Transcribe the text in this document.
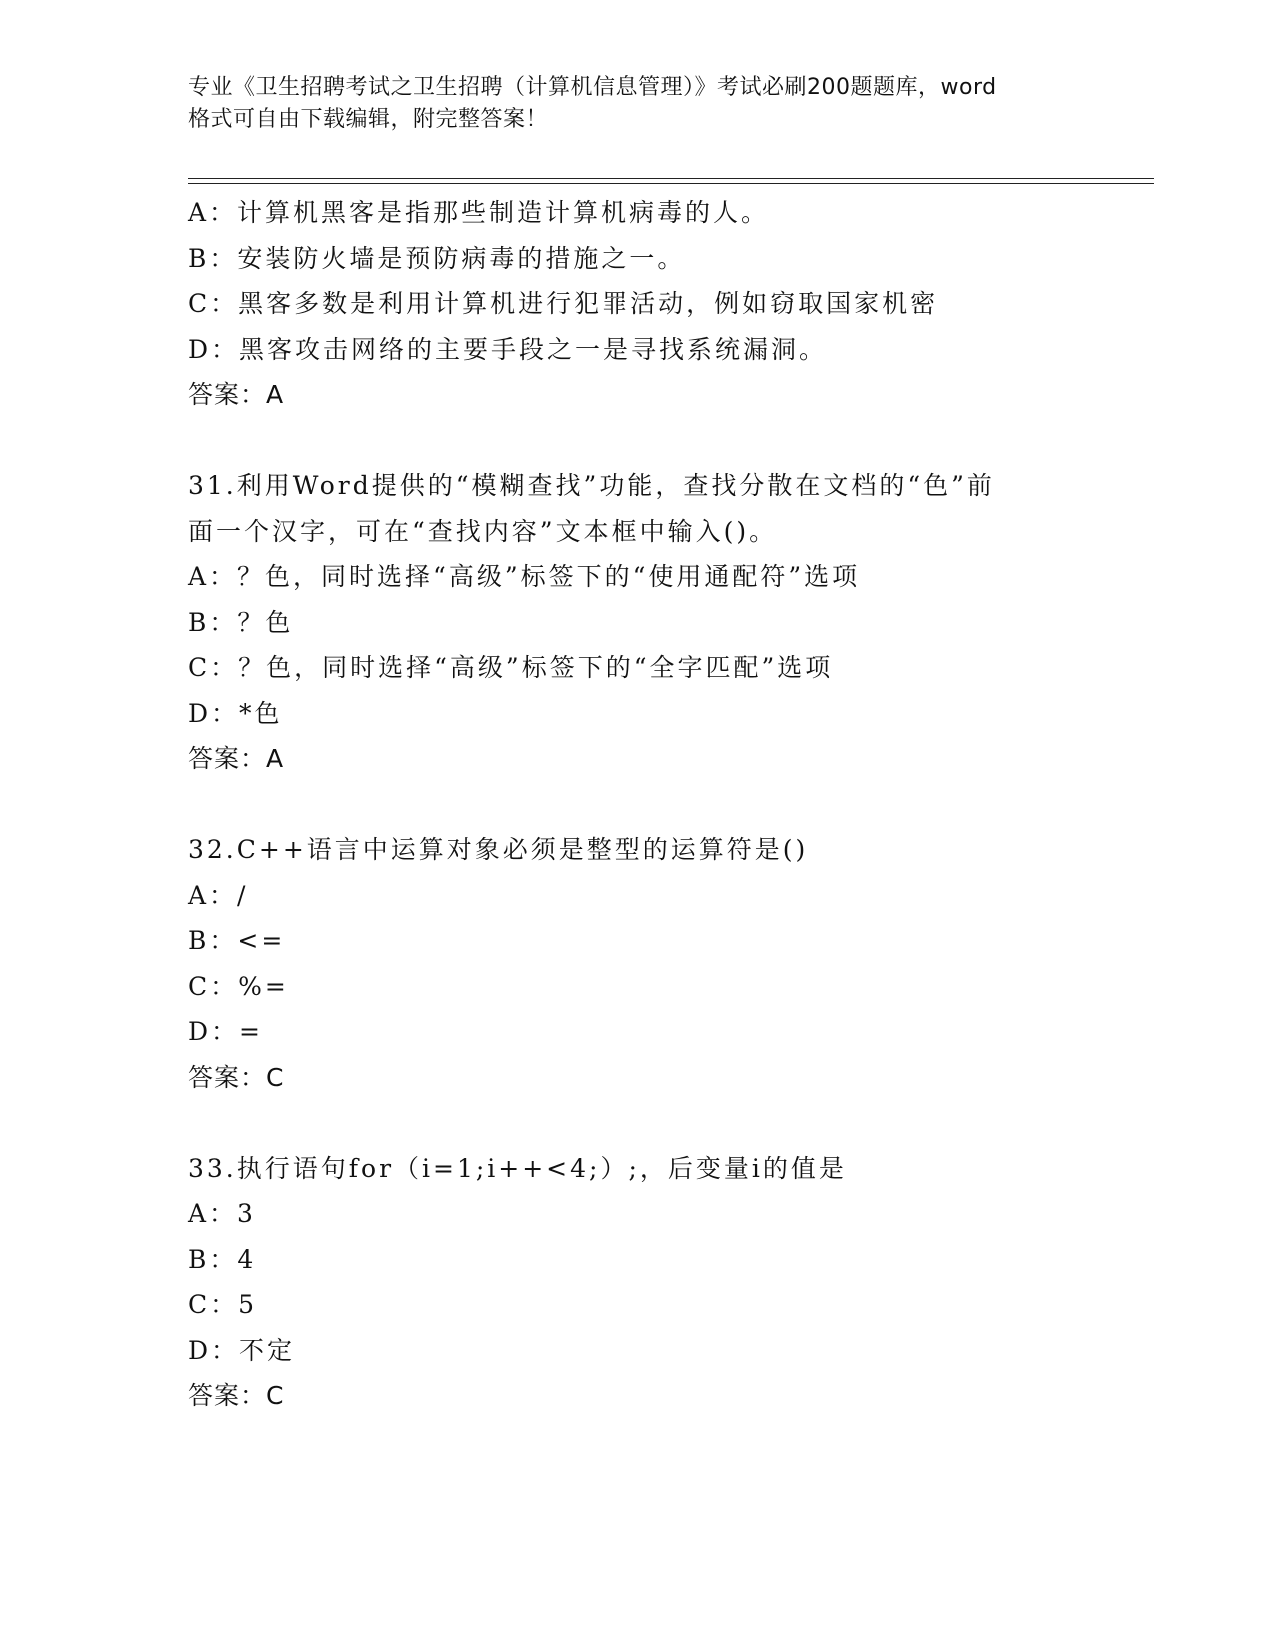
专业《卫生招聘考试之卫生招聘（计算机信息管理）》考试必刷200题题库，word
格式可自由下载编辑，附完整答案！
A：计算机黑客是指那些制造计算机病毒的人。
B：安装防火墙是预防病毒的措施之一。
C：黑客多数是利用计算机进行犯罪活动，例如窃取国家机密
D：黑客攻击网络的主要手段之一是寻找系统漏洞。
答案：A
31.利用Word提供的“模糊查找”功能，查找分散在文档的“色”前
面一个汉字，可在“查找内容”文本框中输入()。
A：？色，同时选择“高级”标签下的“使用通配符”选项
B：？色
C：？色，同时选择“高级”标签下的“全字匹配”选项
D：*色
答案：A
32.C++语言中运算对象必须是整型的运算符是()
A：/
B：<=
C：%=
D：=
答案：C
33.执行语句for（i=1;i++<4;）;，后变量i的值是
A：3
B：4
C：5
D：不定
答案：C
